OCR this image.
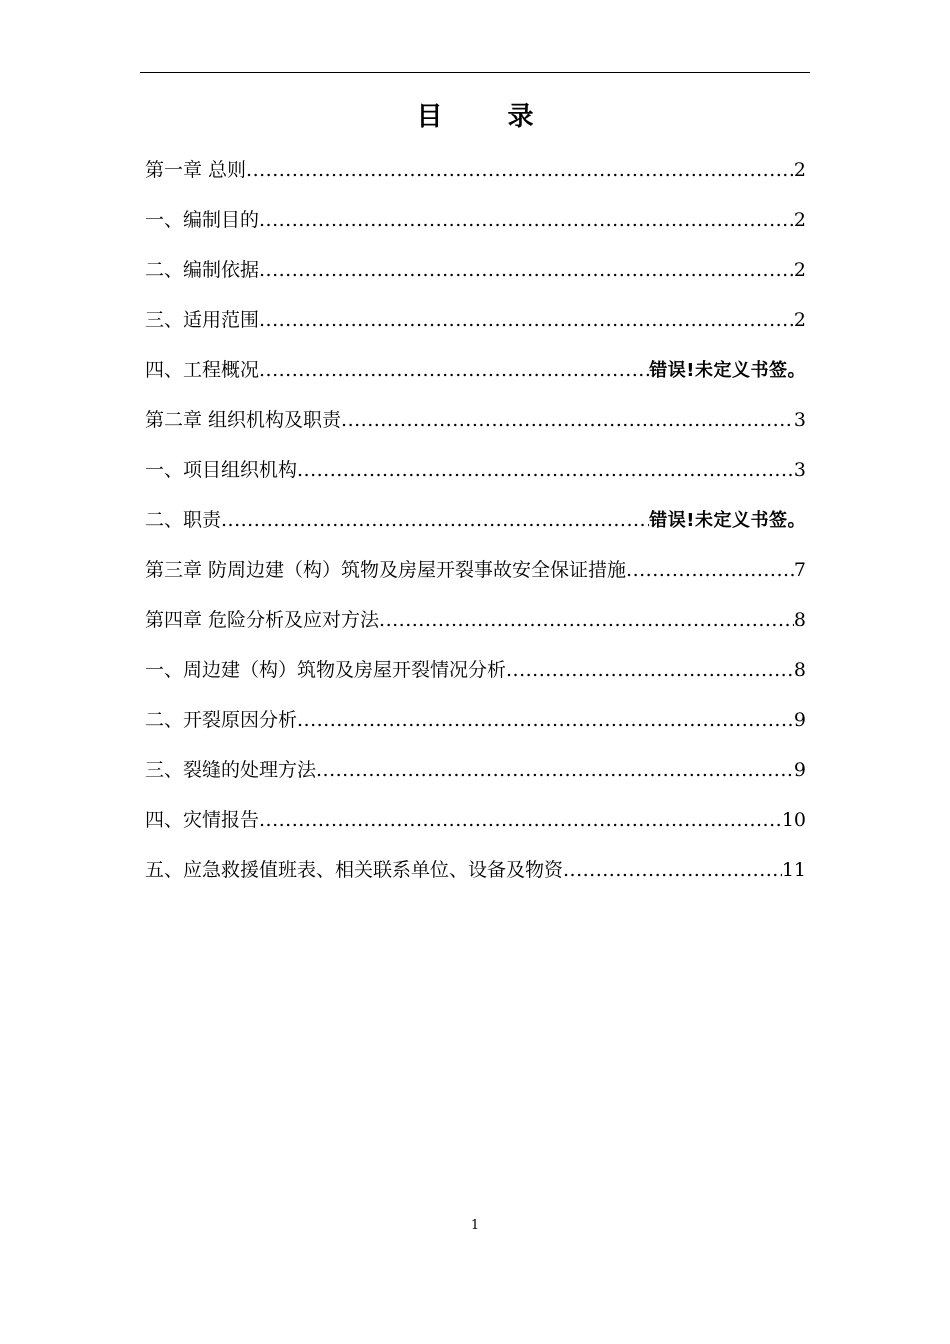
目 录
第一章 总则 .....	2
一、编制目的 .....	2
二、编制依据 .....	2
三、适用范围 .....	2
四、工程概况 .....	错误!未定义书签。
第二章 组织机构及职责 .....	3
一、项目组织机构 .....	3
二、职责 .....	错误!未定义书签。
第三章 防周边建（构）筑物及房屋开裂事故安全保证措施 .....	7
第四章 危险分析及应对方法 .....	8
一、周边建（构）筑物及房屋开裂情况分析 .....	8
二、开裂原因分析 .....	9
三、裂缝的处理方法 .....	9
四、灾情报告 .....	10
五、应急救援值班表、相关联系单位、设备及物资 .....	11
1
